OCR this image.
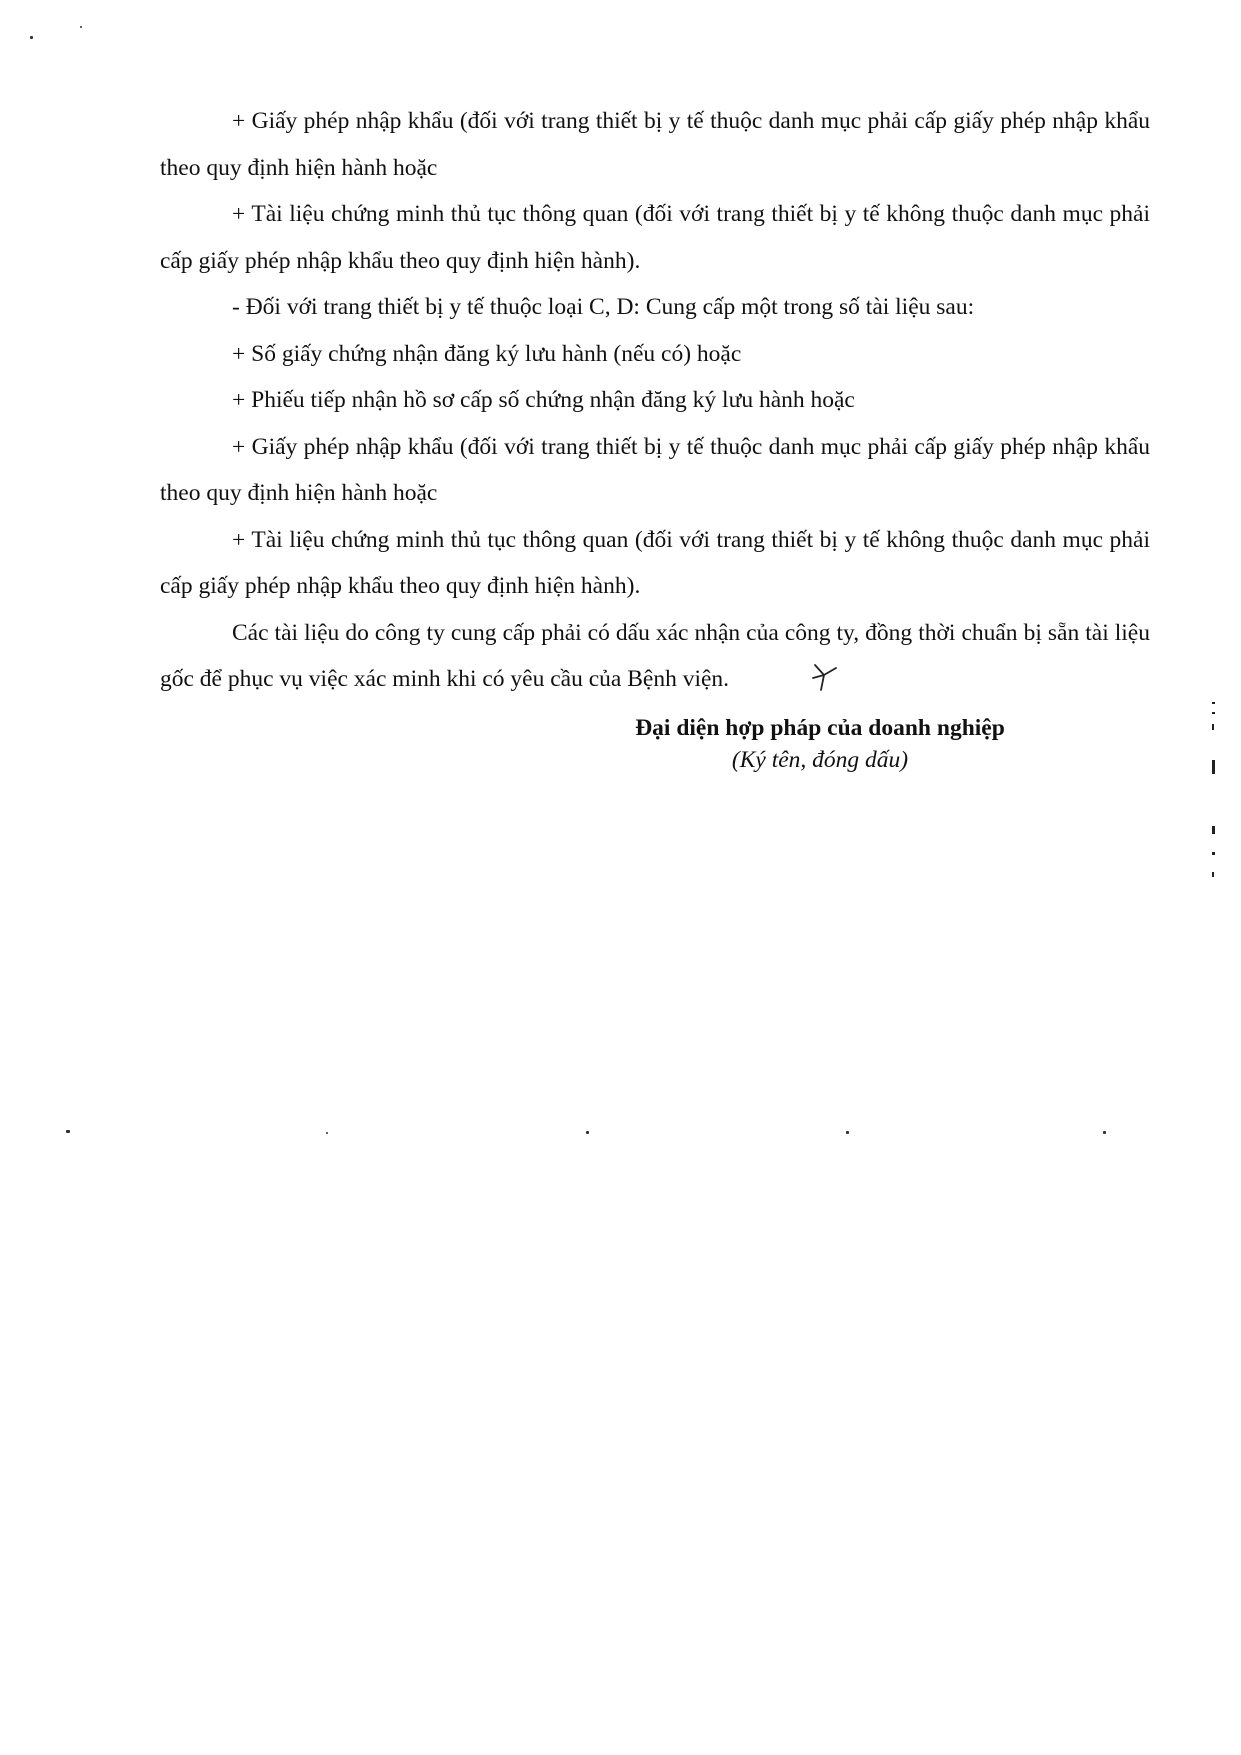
+ Giấy phép nhập khẩu (đối với trang thiết bị y tế thuộc danh mục phải cấp giấy phép nhập khẩu theo quy định hiện hành hoặc

+ Tài liệu chứng minh thủ tục thông quan (đối với trang thiết bị y tế không thuộc danh mục phải cấp giấy phép nhập khẩu theo quy định hiện hành).

- Đối với trang thiết bị y tế thuộc loại C, D: Cung cấp một trong số tài liệu sau:

+ Số giấy chứng nhận đăng ký lưu hành (nếu có) hoặc

+ Phiếu tiếp nhận hồ sơ cấp số chứng nhận đăng ký lưu hành hoặc

+ Giấy phép nhập khẩu (đối với trang thiết bị y tế thuộc danh mục phải cấp giấy phép nhập khẩu theo quy định hiện hành hoặc

+ Tài liệu chứng minh thủ tục thông quan (đối với trang thiết bị y tế không thuộc danh mục phải cấp giấy phép nhập khẩu theo quy định hiện hành).

Các tài liệu do công ty cung cấp phải có dấu xác nhận của công ty, đồng thời chuẩn bị sẵn tài liệu gốc để phục vụ việc xác minh khi có yêu cầu của Bệnh viện.

Đại diện hợp pháp của doanh nghiệp
(Ký tên, đóng dấu)
